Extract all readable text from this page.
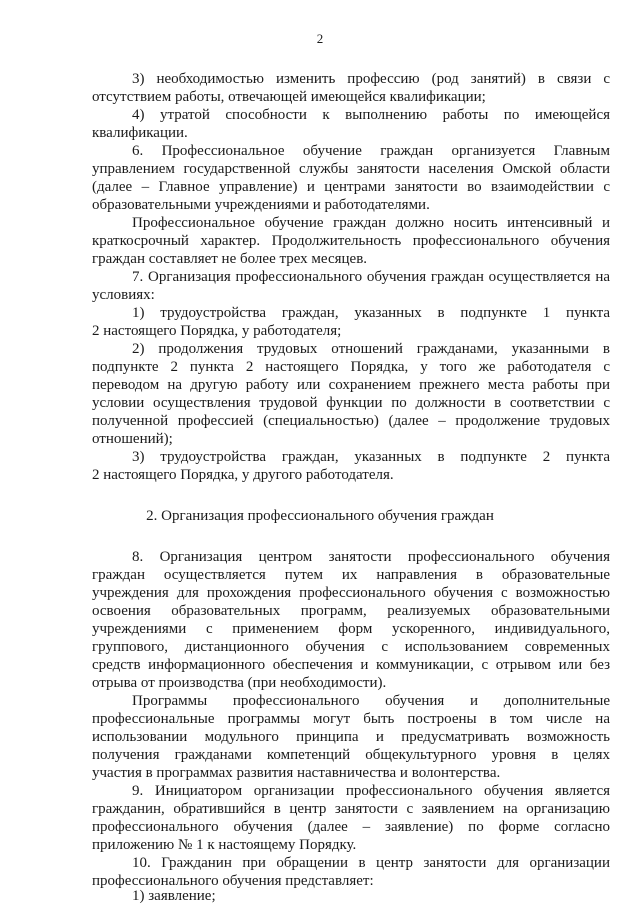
2
3) необходимостью изменить профессию (род занятий) в связи с
отсутствием работы, отвечающей имеющейся квалификации;
4) утратой способности к выполнению работы по имеющейся
квалификации.
6. Профессиональное обучение граждан организуется Главным
управлением государственной службы занятости населения Омской области
(далее – Главное управление) и центрами занятости во взаимодействии с
образовательными учреждениями и работодателями.
Профессиональное обучение граждан должно носить интенсивный и
краткосрочный характер. Продолжительность профессионального обучения
граждан составляет не более трех месяцев.
7. Организация профессионального обучения граждан осуществляется на
условиях:
1) трудоустройства граждан, указанных в подпункте 1 пункта
2 настоящего Порядка, у работодателя;
2) продолжения трудовых отношений гражданами, указанными в
подпункте 2 пункта 2 настоящего Порядка, у того же работодателя с
переводом на другую работу или сохранением прежнего места работы при
условии осуществления трудовой функции по должности в соответствии с
полученной профессией (специальностью) (далее – продолжение трудовых
отношений);
3) трудоустройства граждан, указанных в подпункте 2 пункта
2 настоящего Порядка, у другого работодателя.
2. Организация профессионального обучения граждан
8. Организация центром занятости профессионального обучения
граждан осуществляется путем их направления в образовательные
учреждения для прохождения профессионального обучения с возможностью
освоения образовательных программ, реализуемых образовательными
учреждениями с применением форм ускоренного, индивидуального,
группового, дистанционного обучения с использованием современных
средств информационного обеспечения и коммуникации, с отрывом или без
отрыва от производства (при необходимости).
Программы профессионального обучения и дополнительные
профессиональные программы могут быть построены в том числе на
использовании модульного принципа и предусматривать возможность
получения гражданами компетенций общекультурного уровня в целях
участия в программах развития наставничества и волонтерства.
9. Инициатором организации профессионального обучения является
гражданин, обратившийся в центр занятости с заявлением на организацию
профессионального обучения (далее – заявление) по форме согласно
приложению № 1 к настоящему Порядку.
10. Гражданин при обращении в центр занятости для организации
профессионального обучения представляет:
1) заявление;
